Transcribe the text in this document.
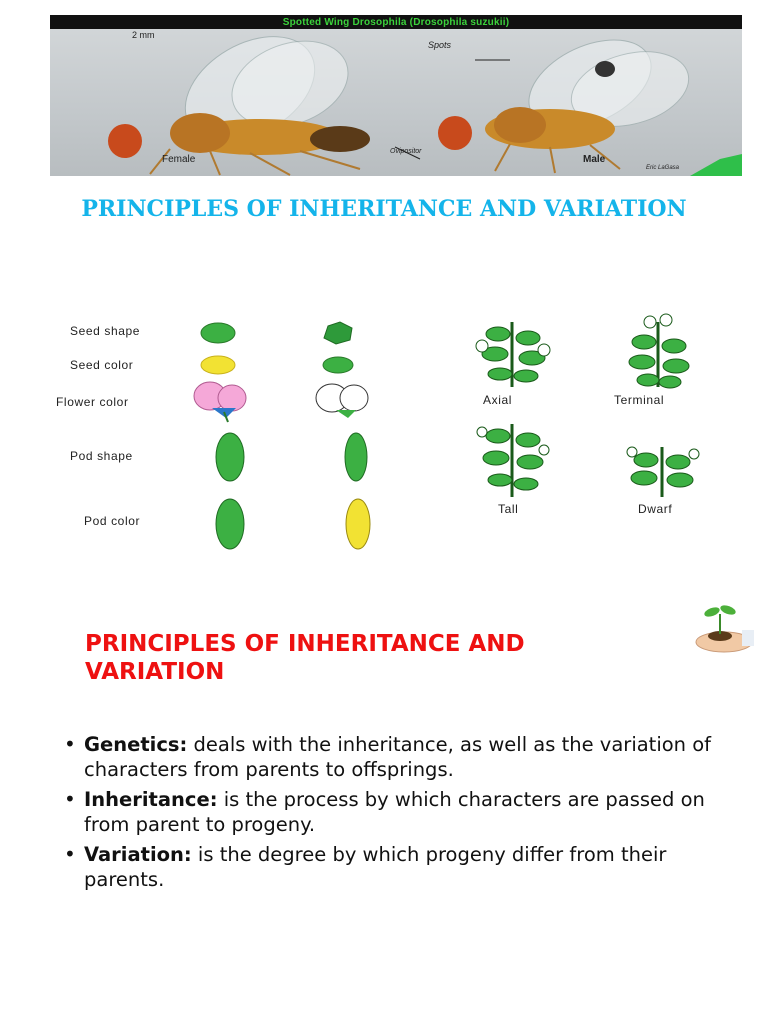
Spotted Wing Drosophila (Drosophila suzukii)
2 mm
Spots
Female	Male
Ovipositor
Eric LaGasa
PRINCIPLES OF INHERITANCE AND VARIATION
Seed shape
Seed color
Flower color
Pod shape
Pod color
Axial	Terminal
Tall	Dwarf
PRINCIPLES OF INHERITANCE AND VARIATION
• Genetics: deals with the inheritance, as well as the variation of characters from parents to offsprings.
• Inheritance: is the process by which characters are passed on from parent to progeny.
• Variation: is the degree by which progeny differ from their parents.
